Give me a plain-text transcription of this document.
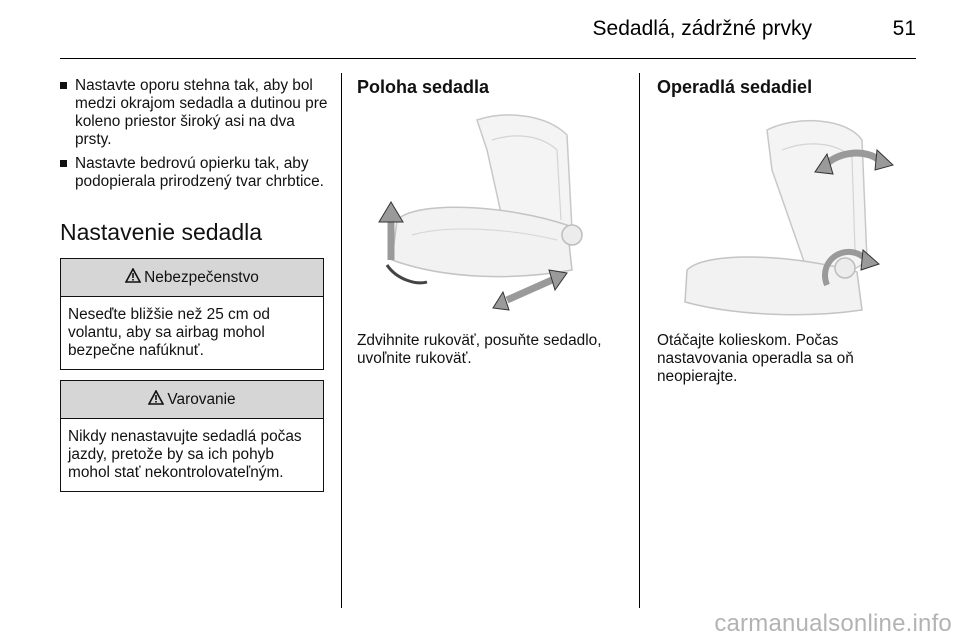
Sedadlá, zádržné prvky	51
Nastavte oporu stehna tak, aby bol medzi okrajom sedadla a dutinou pre koleno priestor široký asi na dva prsty.
Nastavte bedrovú opierku tak, aby podopierala prirodzený tvar chrbtice.
Nastavenie sedadla
Nebezpečenstvo
Neseďte bližšie než 25 cm od volantu, aby sa airbag mohol bezpečne nafúknuť.
Varovanie
Nikdy nenastavujte sedadlá počas jazdy, pretože by sa ich pohyb mohol stať nekontrolovateľným.
Poloha sedadla
Zdvihnite rukoväť, posuňte sedadlo, uvoľnite rukoväť.
Operadlá sedadiel
Otáčajte kolieskom. Počas nastavovania operadla sa oň neopierajte.
carmanualsonline.info
